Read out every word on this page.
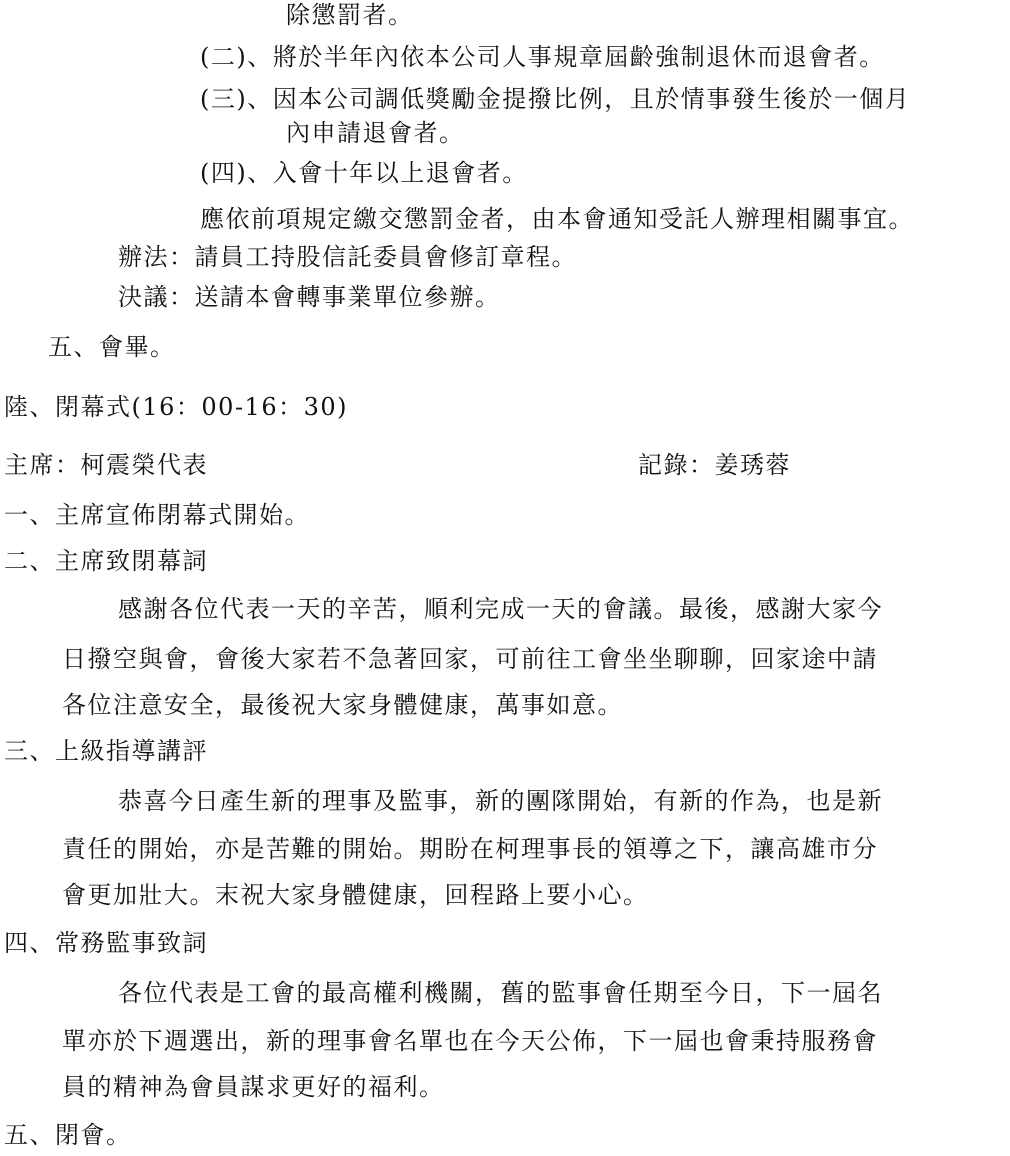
除懲罰者。
(二)、將於半年內依本公司人事規章屆齡強制退休而退會者。
(三)、因本公司調低獎勵金提撥比例，且於情事發生後於一個月
內申請退會者。
(四)、入會十年以上退會者。
應依前項規定繳交懲罰金者，由本會通知受託人辦理相關事宜。
辦法：請員工持股信託委員會修訂章程。
決議：送請本會轉事業單位參辦。
五、會畢。
陸、閉幕式(16：00-16：30)
主席：柯震榮代表	記錄：姜琇蓉
一、主席宣佈閉幕式開始。
二、主席致閉幕詞
感謝各位代表一天的辛苦，順利完成一天的會議。最後，感謝大家今
日撥空與會，會後大家若不急著回家，可前往工會坐坐聊聊，回家途中請
各位注意安全，最後祝大家身體健康，萬事如意。
三、上級指導講評
恭喜今日產生新的理事及監事，新的團隊開始，有新的作為，也是新
責任的開始，亦是苦難的開始。期盼在柯理事長的領導之下，讓高雄市分
會更加壯大。末祝大家身體健康，回程路上要小心。
四、常務監事致詞
各位代表是工會的最高權利機關，舊的監事會任期至今日，下一屆名
單亦於下週選出，新的理事會名單也在今天公佈，下一屆也會秉持服務會
員的精神為會員謀求更好的福利。
五、閉會。
